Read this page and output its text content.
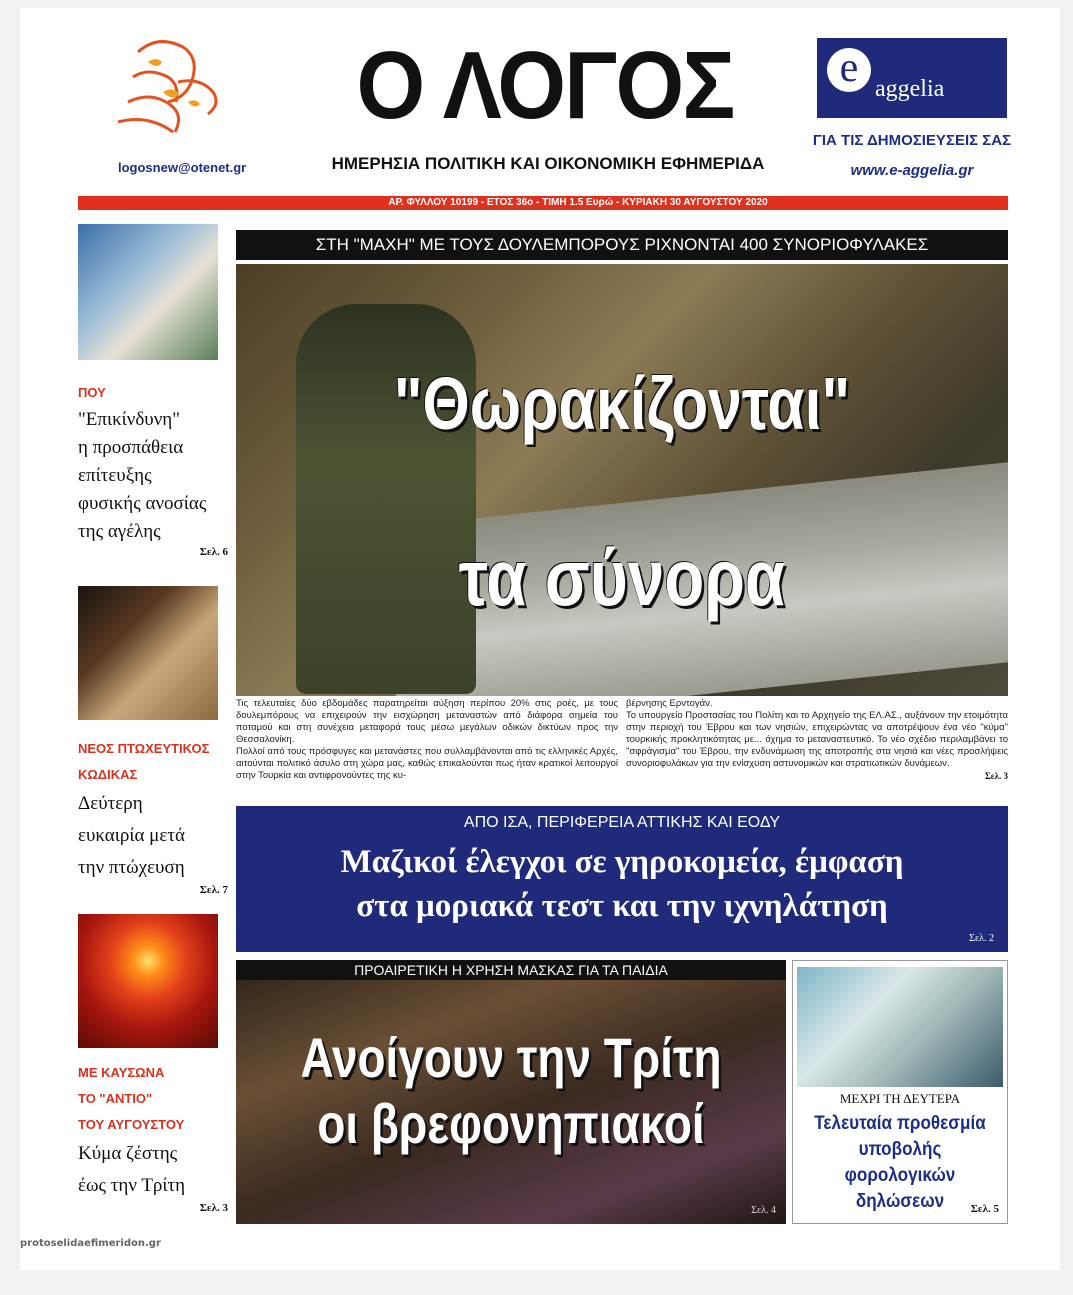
logosnew@otenet.gr
Ο ΛΟΓΟΣ
ΗΜΕΡΗΣΙΑ ΠΟΛΙΤΙΚΗ ΚΑΙ ΟΙΚΟΝΟΜΙΚΗ ΕΦΗΜΕΡΙΔΑ
e aggelia
ΓΙΑ ΤΙΣ ΔΗΜΟΣΙΕΥΣΕΙΣ ΣΑΣ
www.e-aggelia.gr
ΑΡ. ΦΥΛΛΟΥ 10199 - ΕΤΟΣ 36ο - ΤΙΜΗ 1.5 Ευρώ - ΚΥΡΙΑΚΗ 30 ΑΥΓΟΥΣΤΟΥ 2020
ΠΟΥ
"Επικίνδυνη"
η προσπάθεια
επίτευξης
φυσικής ανοσίας
της αγέλης
Σελ. 6
ΝΕΟΣ ΠΤΩΧΕΥΤΙΚΟΣ
ΚΩΔΙΚΑΣ
Δεύτερη
ευκαιρία μετά
την πτώχευση
Σελ. 7
ΜΕ ΚΑΥΣΩΝΑ
ΤΟ "ΑΝΤΙΟ"
ΤΟΥ ΑΥΓΟΥΣΤΟΥ
Κύμα ζέστης
έως την Τρίτη
Σελ. 3
ΣΤΗ "ΜΑΧΗ" ΜΕ ΤΟΥΣ ΔΟΥΛΕΜΠΟΡΟΥΣ ΡΙΧΝΟΝΤΑΙ 400 ΣΥΝΟΡΙΟΦΥΛΑΚΕΣ
"Θωρακίζονται"
τα σύνορα
Τις τελευταίες δύο εβδομάδες παρατηρείται αύξηση περίπου 20% στις ροές, με τους δουλεμπόρους να επιχειρούν την εισχώρηση μεταναστών από διάφορα σημεία του ποταμού και στη συνέχεια μεταφορά τους μέσω μεγάλων οδικών δικτύων προς την Θεσσαλονίκη.
Πολλοί από τους πρόσφυγες και μετανάστες που συλλαμβάνονται από τις ελληνικές Αρχές, αιτούνται πολιτικό άσυλο στη χώρα μας, καθώς επικαλούνται πως ήταν κρατικοί λειτουργοί στην Τουρκία και αντιφρονούντες της κυ-
βέρνησης Ερντογάν.
Το υπουργείο Προστασίας του Πολίτη και το Αρχηγείο της ΕΛ.ΑΣ., αυξάνουν την ετοιμότητα στην περιοχή του Έβρου και των νησιών, επιχειρώντας να αποτρέψουν ένα νέο "κύμα" τουρκικής προκλητικότητας με... όχημα το μεταναστευτικό. Το νέο σχέδιο περιλαμβάνει το "σφράγισμα" του Έβρου, την ενδυνάμωση της αποτροπής στα νησιά και νέες προσλήψεις συνοριοφυλάκων για την ενίσχυση αστυνομικών και στρατιωτικών δυνάμεων.
Σελ. 3
ΑΠΟ ΙΣΑ, ΠΕΡΙΦΕΡΕΙΑ ΑΤΤΙΚΗΣ ΚΑΙ ΕΟΔΥ
Μαζικοί έλεγχοι σε γηροκομεία, έμφαση
στα μοριακά τεστ και την ιχνηλάτηση
Σελ. 2
ΠΡΟΑΙΡΕΤΙΚΗ Η ΧΡΗΣΗ ΜΑΣΚΑΣ ΓΙΑ ΤΑ ΠΑΙΔΙΑ
Ανοίγουν την Τρίτη
οι βρεφονηπιακοί
Σελ. 4
ΜΕΧΡΙ ΤΗ ΔΕΥΤΕΡΑ
Τελευταία προθεσμία
υποβολής φορολογικών
δηλώσεων	Σελ. 5
protoselidaefimeridon.gr
